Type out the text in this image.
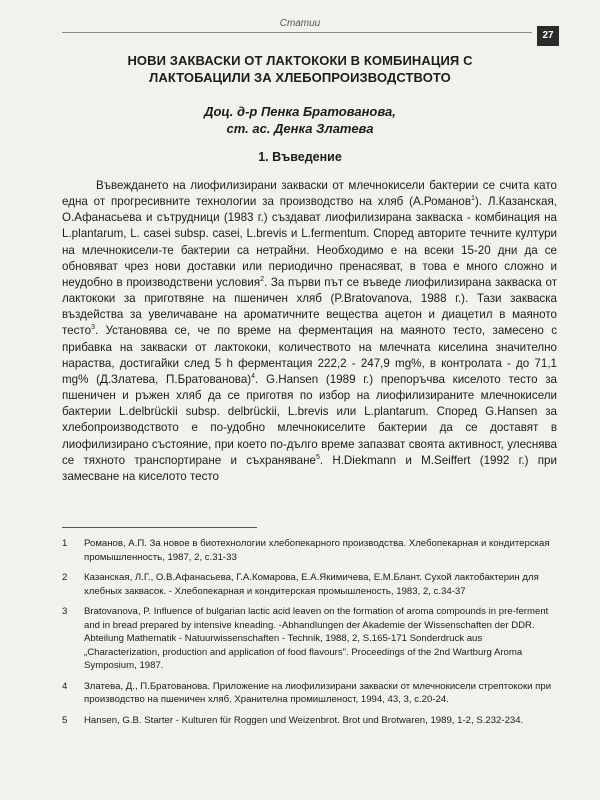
Статии
27
НОВИ ЗАКВАСКИ ОТ ЛАКТОКОКИ В КОМБИНАЦИЯ С ЛАКТОБАЦИЛИ ЗА ХЛЕБОПРОИЗВОДСТВОТО
Доц. д-р Пенка Братованова,
ст. ас. Денка Златева
1. Въведение
Въвеждането на лиофилизирани закваски от млечнокисели бактерии се счита като една от прогресивните технологии за производство на хляб (А.Романов$^1$). Л.Казанская, О.Афанасьева и сътрудници (1983 г.) създават лиофилизирана закваска - комбинация на L.plantarum, L. casei subsp. casei, L.brevis и L.fermentum. Според авторите течните култури на млечнокисели-те бактерии са нетрайни. Необходимо е на всеки 15-20 дни да се обновяват чрез нови доставки или периодично пренасяват, в това е много сложно и неудобно в производствени условия$^2$. За първи път се въведе лиофилизирана закваска от лактококи за приготвяне на пшеничен хляб (P.Bratovanova, 1988 г.). Тази закваска въздейства за увеличаване на ароматичните вещества ацетон и диацетил в маяното тесто$^3$. Установява се, че по време на ферментация на маяното тесто, замесено с прибавка на закваски от лактококи, количеството на млечната киселина значително нараства, достигайки след 5 h ферментация 222,2 - 247,9 mg%, в контролата - до 71,1 mg% (Д.Златева, П.Братованова)$^4$. G.Hansen (1989 г.) препоръчва киселото тесто за пшеничен и ръжен хляб да се приготвя по избор на лиофилизираните млечнокисели бактерии L.delbrückii subsp. delbrückii, L.brevis или L.plantarum. Според G.Hansen за хлебопроизводството е по-удобно млечнокиселите бактерии да се доставят в лиофилизирано състояние, при което по-дълго време запазват своята активност, улеснява се тяхното транспортиране и съхраняване$^5$. H.Diekmann и M.Seiffert (1992 г.) при замесване на киселото тесто
1	Романов, А.П. За новое в биотехнологии хлебопекарного производства. Хлебопекарная и кондитерская промышленность, 1987, 2, с.31-33
2	Казанская, Л.Г., О.В.Афанасьева, Г.А.Комарова, Е.А.Якимичева, Е.М.Блант. Сухой лактобактерин для хлебных заквасок. - Хлебопекарная и кондитерская промышленость, 1983, 2, с.34-37
3	Bratovanova, P. Influence of bulgarian lactic acid leaven on the formation of aroma compounds in pre-ferment and in bread prepared by intensive kneading. -Abhandlungen der Akademie der Wissenschaften der DDR. Abteilung Mathematik - Natuurwissenschaften - Technik, 1988, 2, S.165-171 Sonderdruck aus „Characterization, production and application of food flavours". Proceedings of the 2nd Wartburg Aroma Symposium, 1987.
4	Златева, Д., П.Братованова. Приложение на лиофилизирани закваски от млечнокисели стрептококи при производство на пшеничен хляб. Хранителна промишленост, 1994, 43, 3, с.20-24.
5	Hansen, G.B. Starter - Kulturen für Roggen und Weizenbrot. Brot und Brotwaren, 1989, 1-2, S.232-234.
